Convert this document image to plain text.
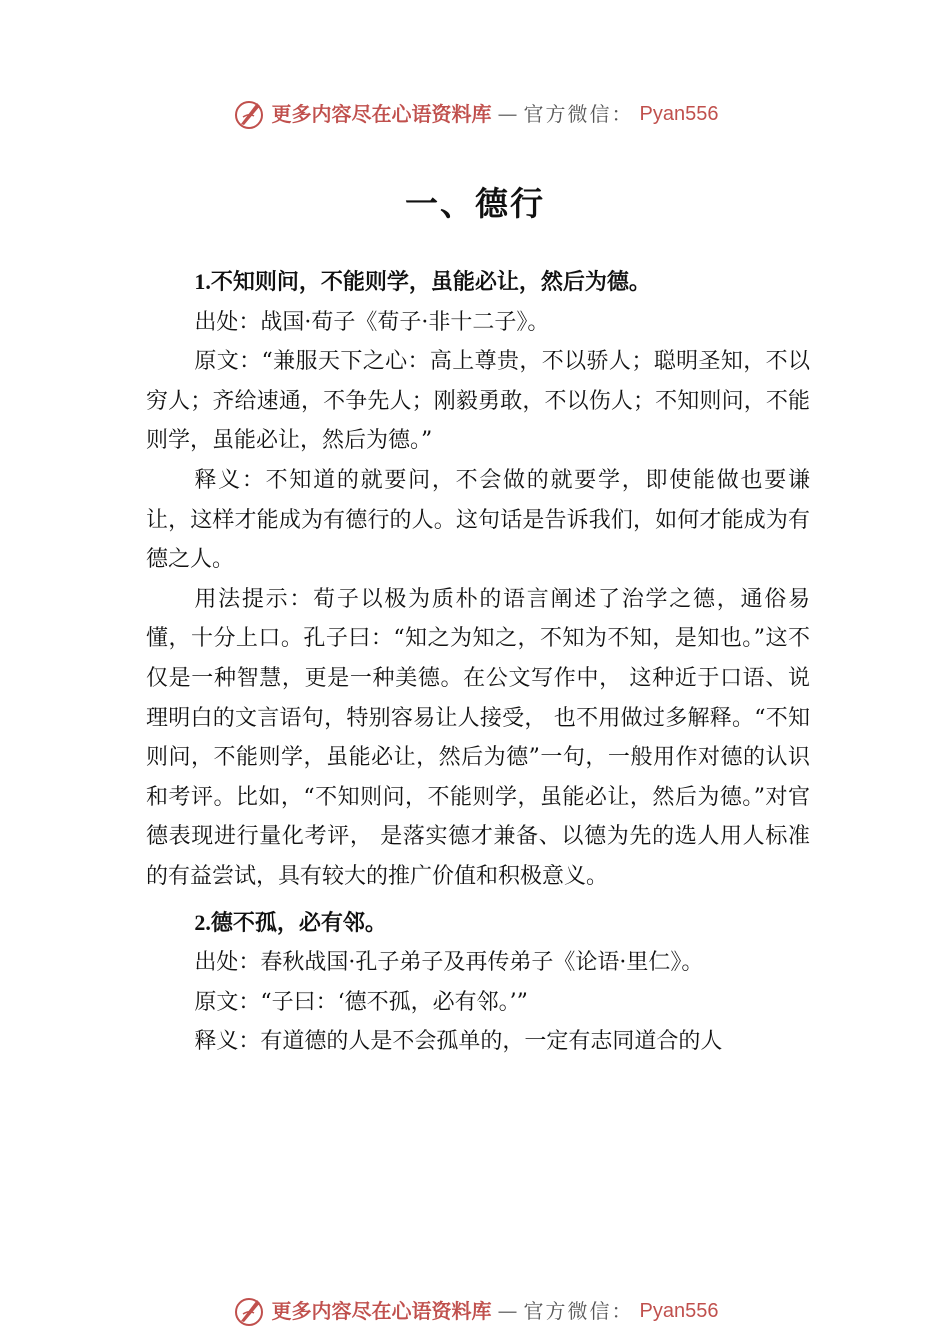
更多内容尽在心语资料库 — 官方微信： Pyan556
一、德行

1.不知则问，不能则学，虽能必让，然后为德。

出处：战国·荀子《荀子·非十二子》。

原文：“兼服天下之心：高上尊贵，不以骄人；聪明圣知，不以穷人；齐给速通，不争先人；刚毅勇敢，不以伤人；不知则问，不能则学，虽能必让，然后为德。”

释义：不知道的就要问，不会做的就要学，即使能做也要谦让，这样才能成为有德行的人。这句话是告诉我们，如何才能成为有德之人。

用法提示：荀子以极为质朴的语言阐述了治学之德，通俗易懂，十分上口。孔子曰：“知之为知之，不知为不知，是知也。”这不仅是一种智慧，更是一种美德。在公文写作中， 这种近于口语、说理明白的文言语句，特别容易让人接受， 也不用做过多解释。“不知则问，不能则学，虽能必让，然后为德”一句，一般用作对德的认识和考评。比如，“不知则问，不能则学，虽能必让，然后为德。”对官德表现进行量化考评， 是落实德才兼备、以德为先的选人用人标准的有益尝试，具有较大的推广价值和积极意义。

2.德不孤，必有邻。

出处：春秋战国·孔子弟子及再传弟子《论语·里仁》。

原文：“子曰：‘德不孤，必有邻。’”

释义：有道德的人是不会孤单的，一定有志同道合的人

更多内容尽在心语资料库 — 官方微信： Pyan556
